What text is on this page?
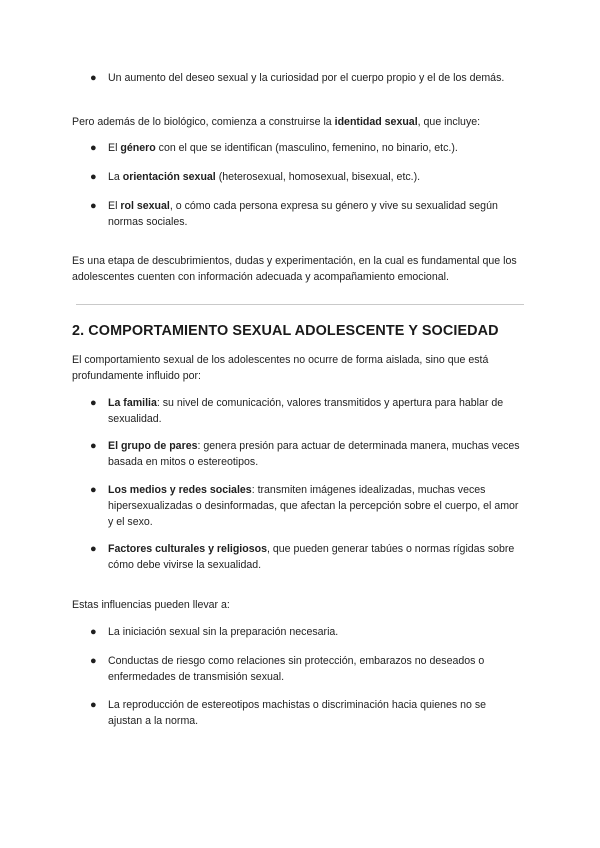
●	Un aumento del deseo sexual y la curiosidad por el cuerpo propio y el de los demás.

Pero además de lo biológico, comienza a construirse la identidad sexual, que incluye:

●	El género con el que se identifican (masculino, femenino, no binario, etc.).
●	La orientación sexual (heterosexual, homosexual, bisexual, etc.).
●	El rol sexual, o cómo cada persona expresa su género y vive su sexualidad según normas sociales.

Es una etapa de descubrimientos, dudas y experimentación, en la cual es fundamental que los adolescentes cuenten con información adecuada y acompañamiento emocional.

2. COMPORTAMIENTO SEXUAL ADOLESCENTE Y SOCIEDAD

El comportamiento sexual de los adolescentes no ocurre de forma aislada, sino que está profundamente influido por:

●	La familia: su nivel de comunicación, valores transmitidos y apertura para hablar de sexualidad.
●	El grupo de pares: genera presión para actuar de determinada manera, muchas veces basada en mitos o estereotipos.
●	Los medios y redes sociales: transmiten imágenes idealizadas, muchas veces hipersexualizadas o desinformadas, que afectan la percepción sobre el cuerpo, el amor y el sexo.
●	Factores culturales y religiosos, que pueden generar tabúes o normas rígidas sobre cómo debe vivirse la sexualidad.

Estas influencias pueden llevar a:

●	La iniciación sexual sin la preparación necesaria.
●	Conductas de riesgo como relaciones sin protección, embarazos no deseados o enfermedades de transmisión sexual.
●	La reproducción de estereotipos machistas o discriminación hacia quienes no se ajustan a la norma.
